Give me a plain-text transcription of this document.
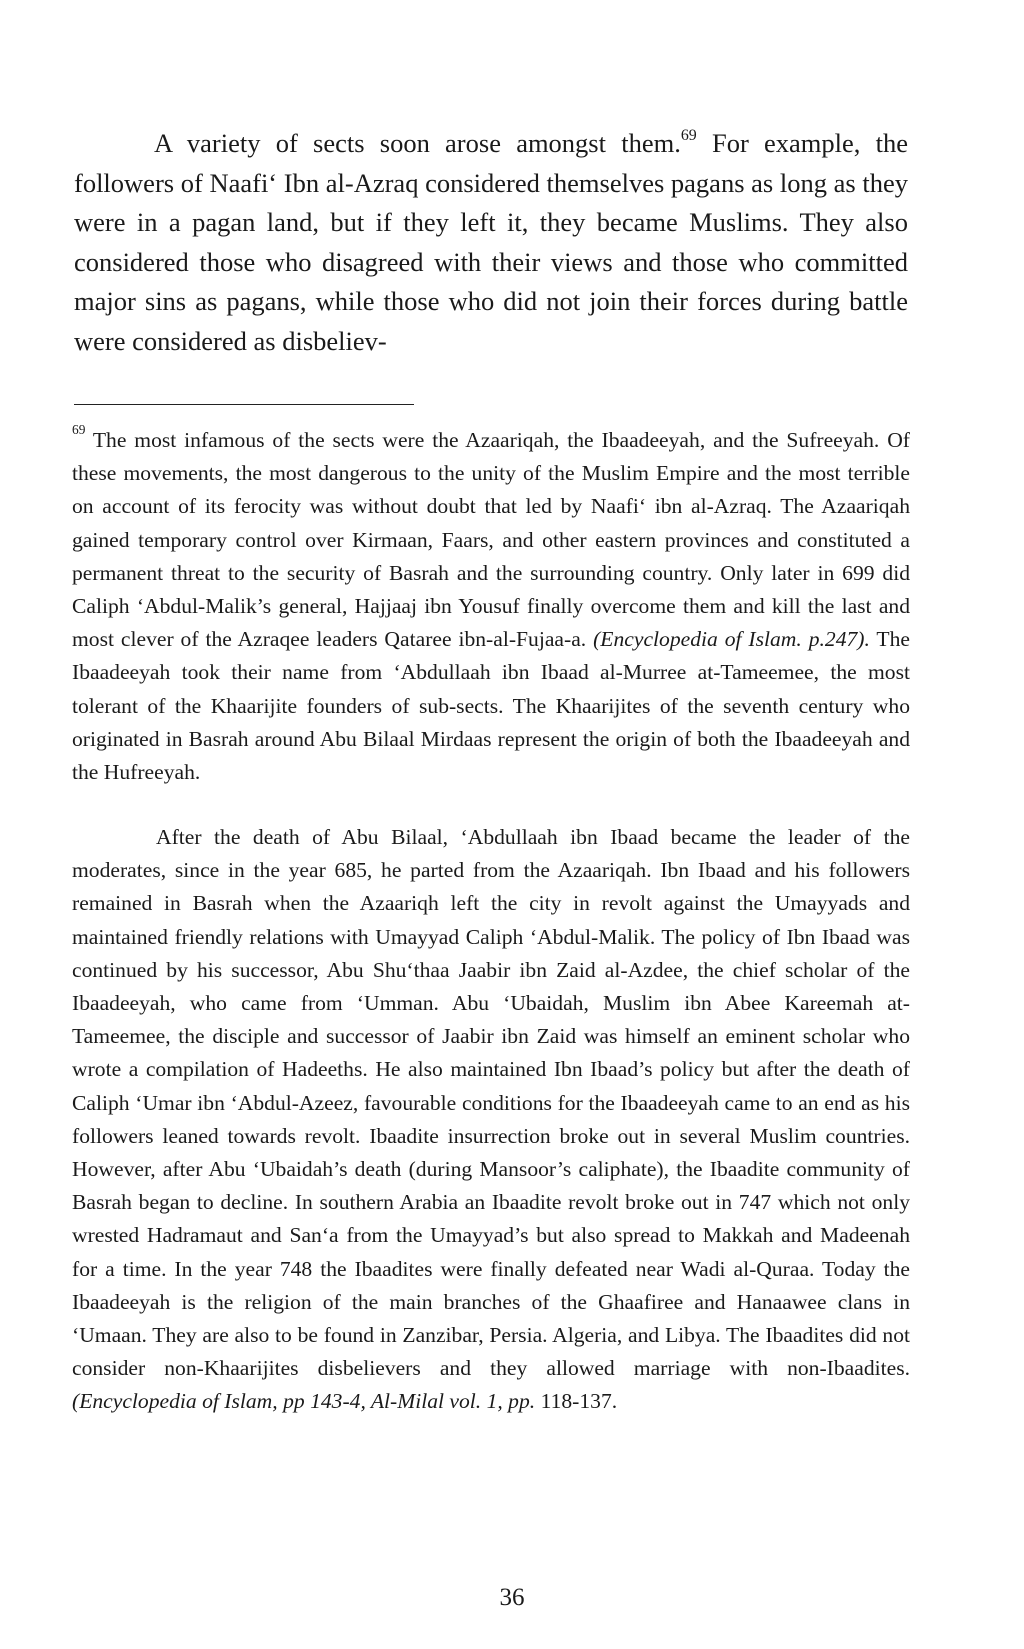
A variety of sects soon arose amongst them.$^{69}$ For example, the followers of Naafi‘ Ibn al-Azraq considered themselves pagans as long as they were in a pagan land, but if they left it, they became Muslims. They also considered those who disagreed with their views and those who committed major sins as pagans, while those who did not join their forces during battle were considered as disbeliev-

$^{69}$ The most infamous of the sects were the Azaariqah, the Ibaadeeyah, and the Sufreeyah. Of these movements, the most dangerous to the unity of the Muslim Empire and the most terrible on account of its ferocity was without doubt that led by Naafi‘ ibn al-Azraq. The Azaariqah gained temporary control over Kirmaan, Faars, and other eastern provinces and constituted a permanent threat to the security of Basrah and the surrounding country. Only later in 699 did Caliph ‘Abdul-Malik’s general, Hajjaaj ibn Yousuf finally overcome them and kill the last and most clever of the Azraqee leaders Qataree ibn-al-Fujaa-a. (Encyclopedia of Islam. p.247). The Ibaadeeyah took their name from ‘Abdullaah ibn Ibaad al-Murree at-Tameemee, the most tolerant of the Khaarijite founders of sub-sects. The Khaarijites of the seventh century who originated in Basrah around Abu Bilaal Mirdaas represent the origin of both the Ibaadeeyah and the Hufreeyah.

After the death of Abu Bilaal, ‘Abdullaah ibn Ibaad became the leader of the moderates, since in the year 685, he parted from the Azaariqah. Ibn Ibaad and his followers remained in Basrah when the Azaariqh left the city in revolt against the Umayyads and maintained friendly relations with Umayyad Caliph ‘Abdul-Malik. The policy of Ibn Ibaad was continued by his successor, Abu Shu‘thaa Jaabir ibn Zaid al-Azdee, the chief scholar of the Ibaadeeyah, who came from ‘Umman. Abu ‘Ubaidah, Muslim ibn Abee Kareemah at-Tameemee, the disciple and successor of Jaabir ibn Zaid was himself an eminent scholar who wrote a compilation of Hadeeths. He also maintained Ibn Ibaad’s policy but after the death of Caliph ‘Umar ibn ‘Abdul-Azeez, favourable conditions for the Ibaadeeyah came to an end as his followers leaned towards revolt. Ibaadite insurrection broke out in several Muslim countries. However, after Abu ‘Ubaidah’s death (during Mansoor’s caliphate), the Ibaadite community of Basrah began to decline. In southern Arabia an Ibaadite revolt broke out in 747 which not only wrested Hadramaut and San‘a from the Umayyad’s but also spread to Makkah and Madeenah for a time. In the year 748 the Ibaadites were finally defeated near Wadi al-Quraa. Today the Ibaadeeyah is the religion of the main branches of the Ghaafiree and Hanaawee clans in ‘Umaan. They are also to be found in Zanzibar, Persia. Algeria, and Libya. The Ibaadites did not consider non-Khaarijites disbelievers and they allowed marriage with non-Ibaadites. (Encyclopedia of Islam, pp 143-4, Al-Milal vol. 1, pp. 118-137.

36
